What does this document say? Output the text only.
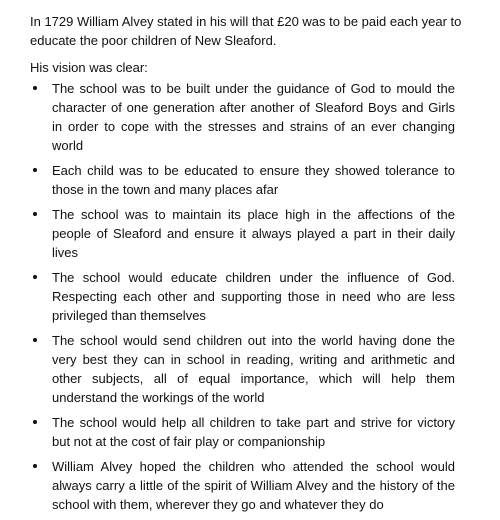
In 1729 William Alvey stated in his will that £20 was to be paid each year to educate the poor children of New Sleaford.

His vision was clear:

The school was to be built under the guidance of God to mould the character of one generation after another of Sleaford Boys and Girls in order to cope with the stresses and strains of an ever changing world
Each child was to be educated to ensure they showed tolerance to those in the town and many places afar
The school was to maintain its place high in the affections of the people of Sleaford and ensure it always played a part in their daily lives
The school would educate children under the influence of God. Respecting each other and supporting those in need who are less privileged than themselves
The school would send children out into the world having done the very best they can in school in reading, writing and arithmetic and other subjects, all of equal importance, which will help them understand the workings of the world
The school would help all children to take part and strive for victory but not at the cost of fair play or companionship
William Alvey hoped the children who attended the school would always carry a little of the spirit of William Alvey and the history of the school with them, wherever they go and whatever they do
